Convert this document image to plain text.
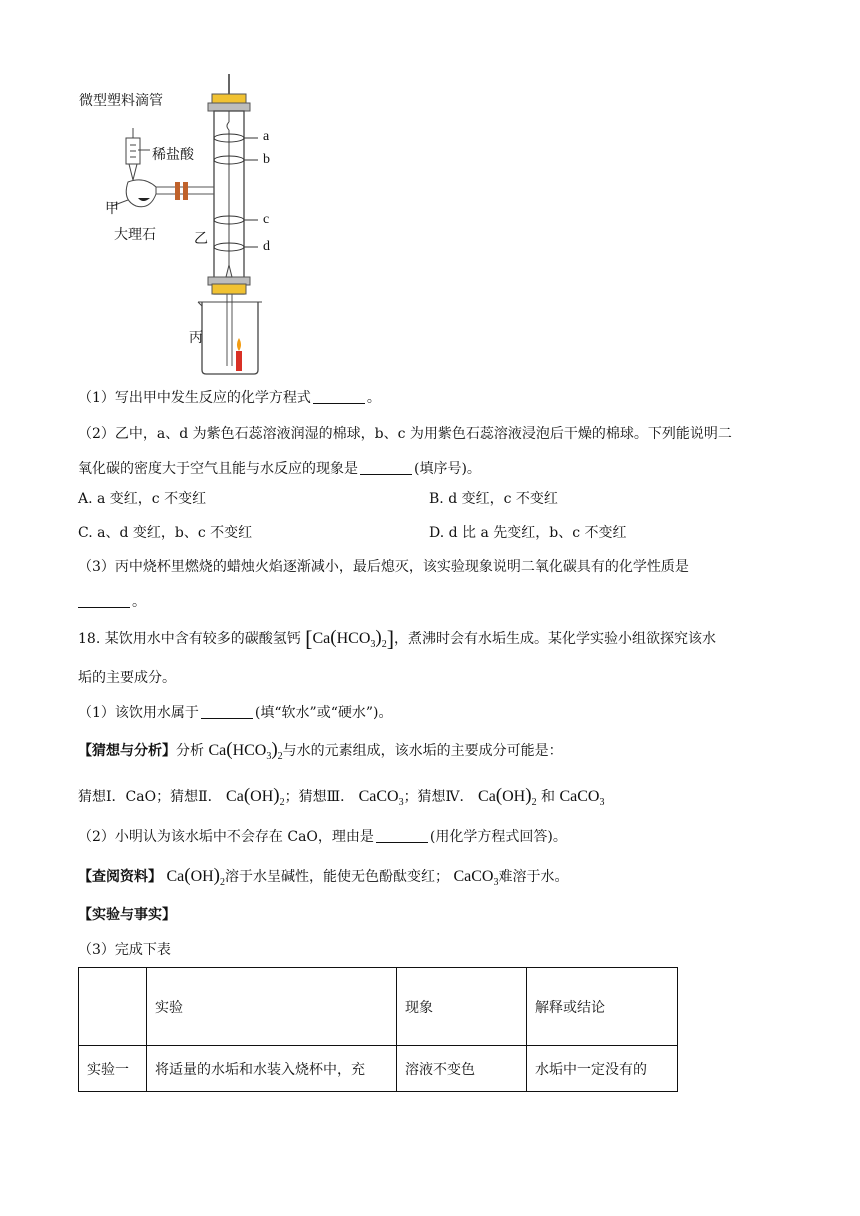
微型塑料滴管
稀盐酸
甲
大理石	乙
丙
a
b
c
d
（1）写出甲中发生反应的化学方程式	。
（2）乙中，a、d 为紫色石蕊溶液润湿的棉球，b、c 为用紫色石蕊溶液浸泡后干燥的棉球。下列能说明二
氧化碳的密度大于空气且能与水反应的现象是	(填序号)。
A. a 变红，c 不变红	B. d 变红，c 不变红
C. a、d 变红，b、c 不变红	D. d 比 a 先变红，b、c 不变红
（3）丙中烧杯里燃烧的蜡烛火焰逐渐减小，最后熄灭，该实验现象说明二氧化碳具有的化学性质是
。
18. 某饮用水中含有较多的碳酸氢钙 $[Ca(HCO_3)_2]$，煮沸时会有水垢生成。某化学实验小组欲探究该水
垢的主要成分。
（1）该饮用水属于	(填“软水”或“硬水”)。
【猜想与分析】分析 $Ca(HCO_3)_2$与水的元素组成，该水垢的主要成分可能是：
猜想Ⅰ．CaO；猜想Ⅱ． $Ca(OH)_2$；猜想Ⅲ． CaCO$_3$；猜想Ⅳ． $Ca(OH)_2$ 和 CaCO$_3$
（2）小明认为该水垢中不会存在 CaO，理由是	(用化学方程式回答)。
【查阅资料】 $Ca(OH)_2$溶于水呈碱性，能使无色酚酞变红； CaCO$_3$难溶于水。
【实验与事实】
（3）完成下表
	实验	现象	解释或结论
实验一	将适量的水垢和水装入烧杯中，充	溶液不变色	水垢中一定没有的
